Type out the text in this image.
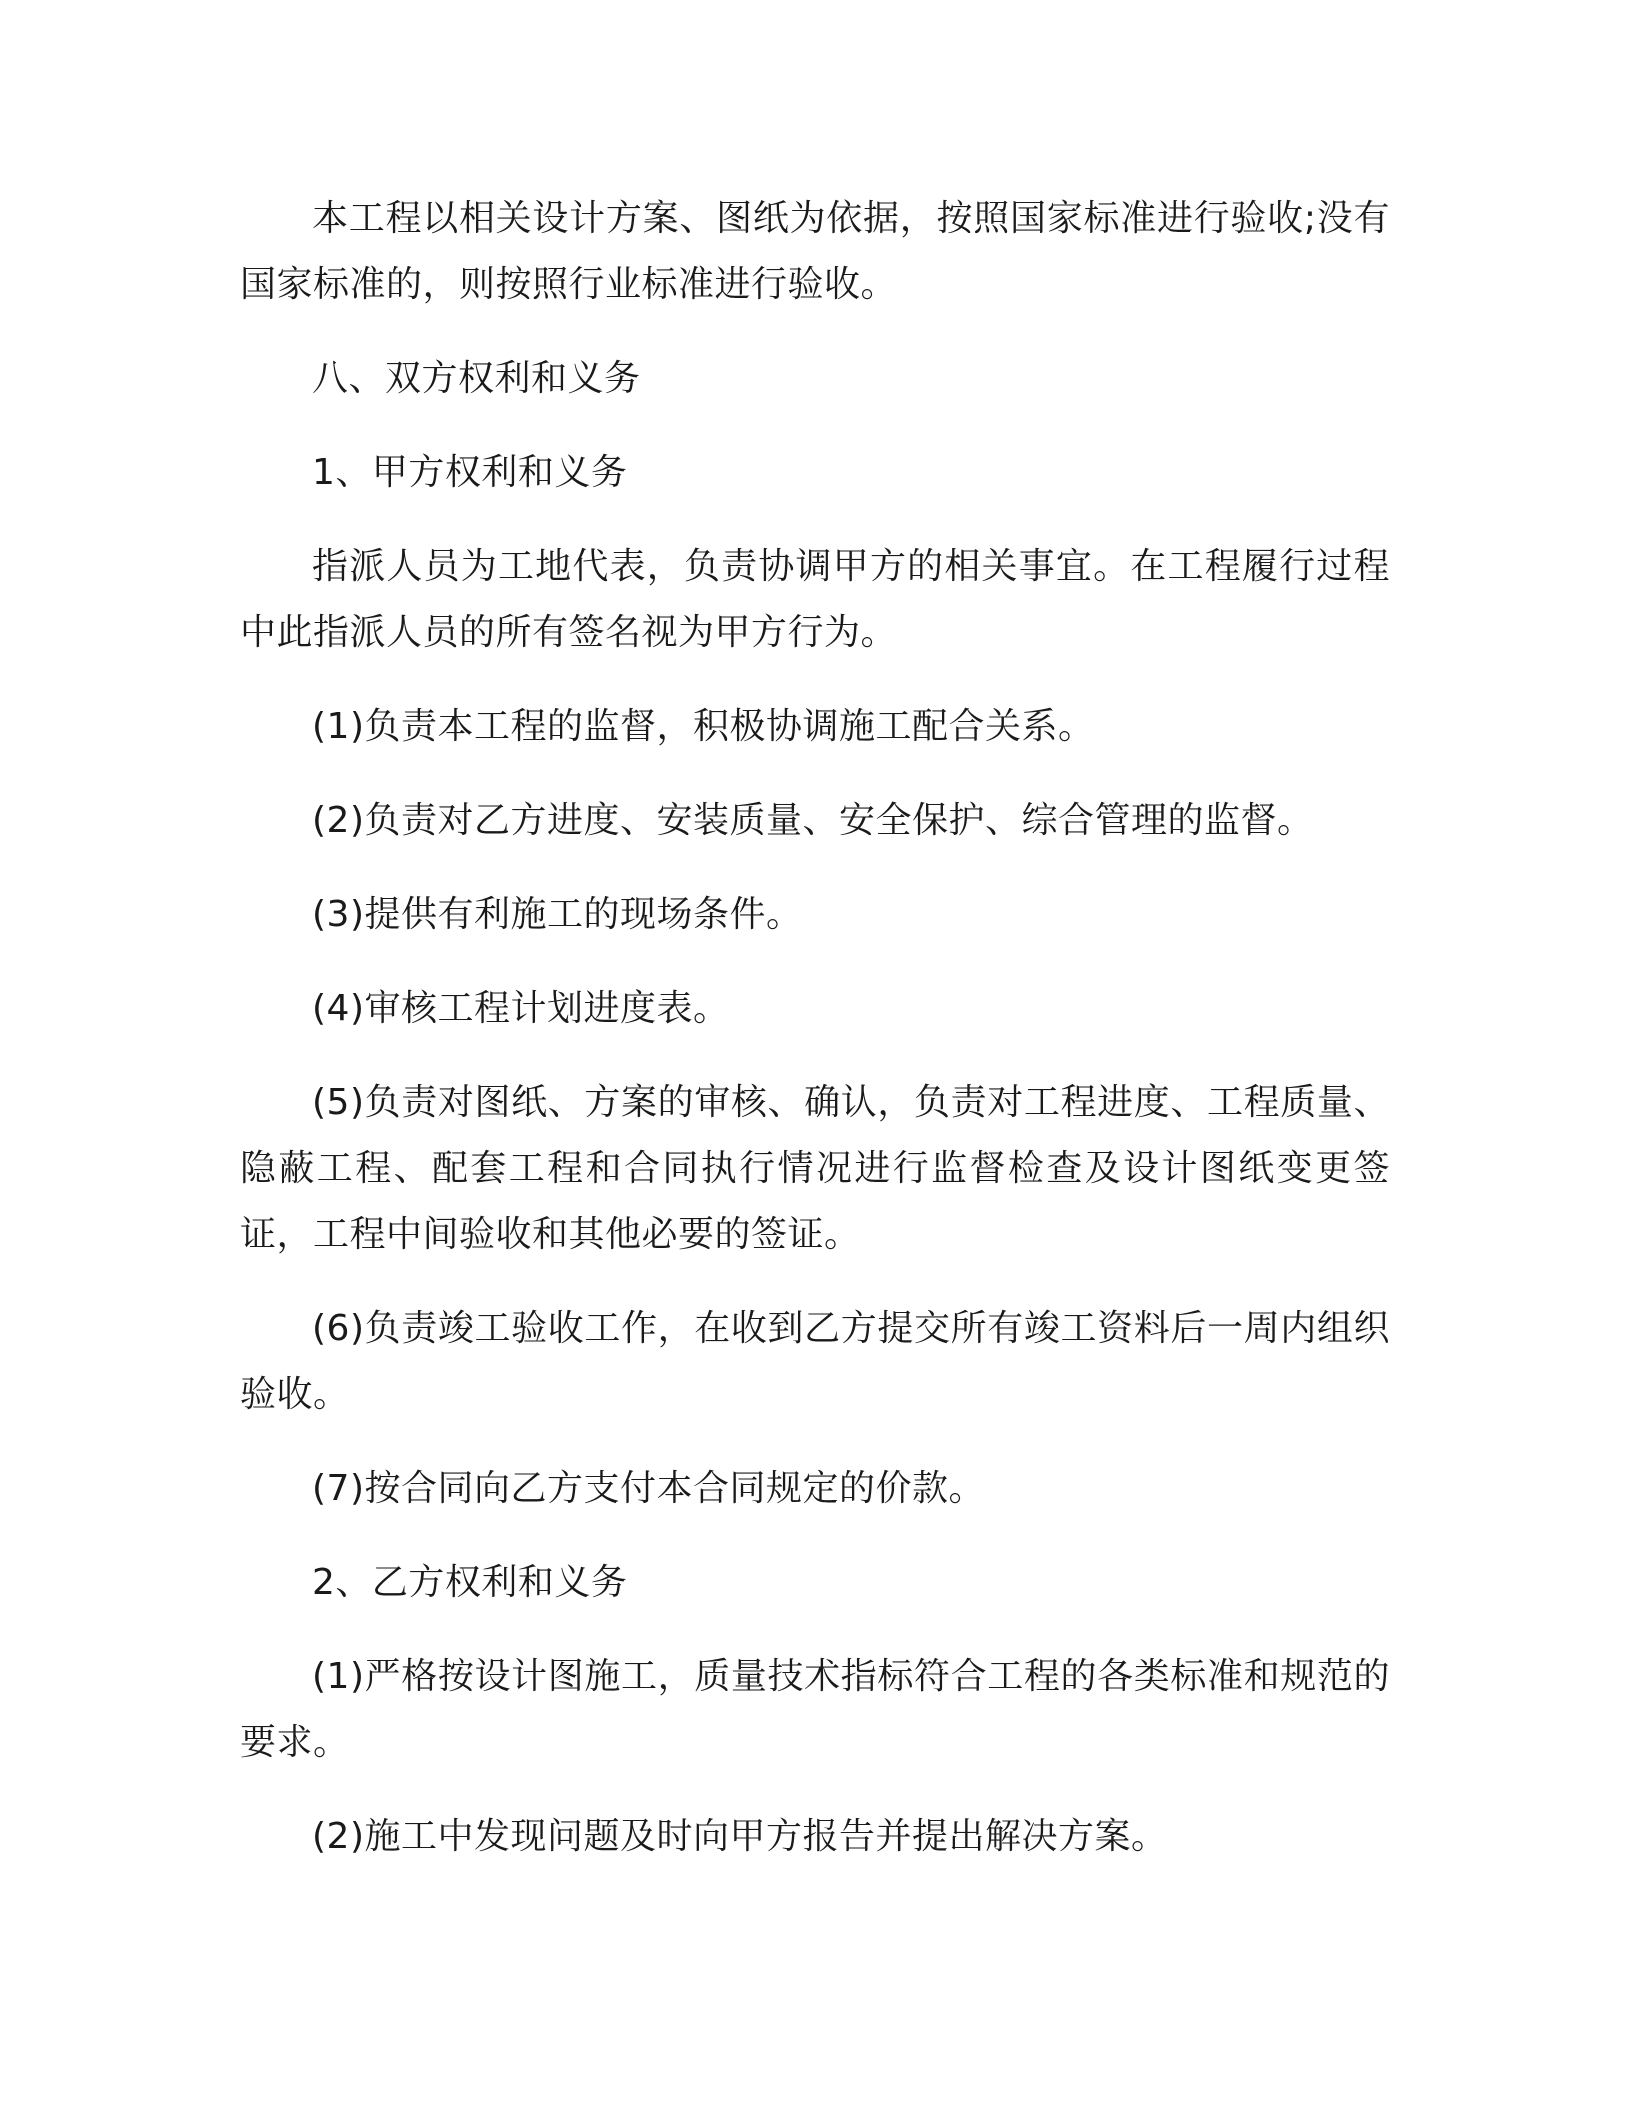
本工程以相关设计方案、图纸为依据，按照国家标准进行验收;没有国家标准的，则按照行业标准进行验收。

八、双方权利和义务

1、甲方权利和义务

指派人员为工地代表，负责协调甲方的相关事宜。在工程履行过程中此指派人员的所有签名视为甲方行为。

(1)负责本工程的监督，积极协调施工配合关系。

(2)负责对乙方进度、安装质量、安全保护、综合管理的监督。

(3)提供有利施工的现场条件。

(4)审核工程计划进度表。

(5)负责对图纸、方案的审核、确认，负责对工程进度、工程质量、隐蔽工程、配套工程和合同执行情况进行监督检查及设计图纸变更签证，工程中间验收和其他必要的签证。

(6)负责竣工验收工作，在收到乙方提交所有竣工资料后一周内组织验收。

(7)按合同向乙方支付本合同规定的价款。

2、乙方权利和义务

(1)严格按设计图施工，质量技术指标符合工程的各类标准和规范的要求。

(2)施工中发现问题及时向甲方报告并提出解决方案。
